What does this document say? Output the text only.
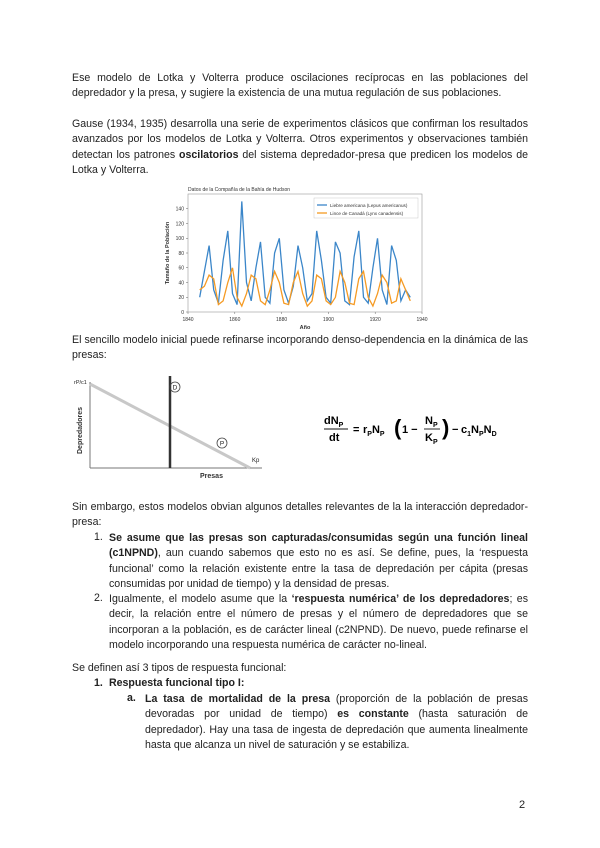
Ese modelo de Lotka y Volterra produce oscilaciones recíprocas en las poblaciones del depredador y la presa, y sugiere la existencia de una mutua regulación de sus poblaciones.

Gause (1934, 1935) desarrolla una serie de experimentos clásicos que confirman los resultados avanzados por los modelos de Lotka y Volterra. Otros experimentos y observaciones también detectan los patrones oscilatorios del sistema depredador-presa que predicen los modelos de Lotka y Volterra.

1840	1860	1880	1900	1920	1940
0
20
40
60
80
100
120
140
Datos de la Compañía de la Bahía de Hudson
Año
Tamaño de la Población
Liebre americana (Lepus americanus)
Lince de Canadá (Lynx canadensis)

El sencillo modelo inicial puede refinarse incorporando denso-dependencia en la dinámica de las presas:

D
P
rP/c1
Kp
Presas
Depredadores	$dN_P$
dt
= $r_PN_P$ ( 1 −
$N_P$
$K_P$
) − $c_1N_PN_D$

Sin embargo, estos modelos obvian algunos detalles relevantes de la la interacción depredador-presa:

1. Se asume que las presas son capturadas/consumidas según una función lineal (c1NPND), aun cuando sabemos que esto no es así. Se define, pues, la ‘respuesta funcional’ como la relación existente entre la tasa de depredación per cápita (presas consumidas por unidad de tiempo) y la densidad de presas.

2. Igualmente, el modelo asume que la ‘respuesta numérica’ de los depredadores; es decir, la relación entre el número de presas y el número de depredadores que se incorporan a la población, es de carácter lineal (c2NPND). De nuevo, puede refinarse el modelo incorporando una respuesta numérica de carácter no-lineal.

Se definen así 3 tipos de respuesta funcional:

1. Respuesta funcional tipo I:
a. La tasa de mortalidad de la presa (proporción de la población de presas devoradas por unidad de tiempo) es constante (hasta saturación de depredador). Hay una tasa de ingesta de depredación que aumenta linealmente hasta que alcanza un nivel de saturación y se estabiliza.

2
